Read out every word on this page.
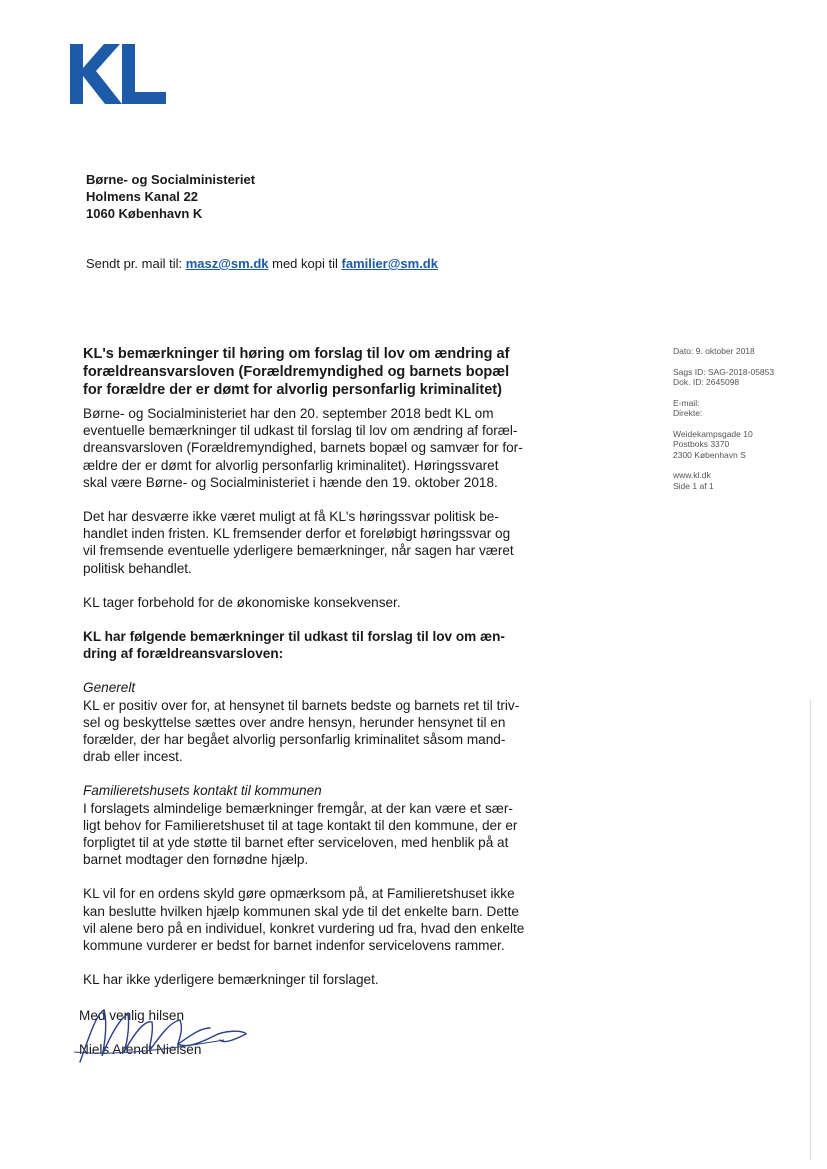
Børne- og Socialministeriet
Holmens Kanal 22
1060 København K
Sendt pr. mail til: masz@sm.dk med kopi til familier@sm.dk
Dato: 9. oktober 2018
Sags ID: SAG-2018-05853
Dok. ID: 2645098
E-mail:
Direkte:
Weidekampsgade 10
Postboks 3370
2300 København S
www.kl.dk
Side 1 af 1
KL's bemærkninger til høring om forslag til lov om ændring af
forældreansvarsloven (Forældremyndighed og barnets bopæl
for forældre der er dømt for alvorlig personfarlig kriminalitet)

Børne- og Socialministeriet har den 20. september 2018 bedt KL om
eventuelle bemærkninger til udkast til forslag til lov om ændring af foræl-
dreansvarsloven (Forældremyndighed, barnets bopæl og samvær for for-
ældre der er dømt for alvorlig personfarlig kriminalitet). Høringssvaret
skal være Børne- og Socialministeriet i hænde den 19. oktober 2018.

Det har desværre ikke været muligt at få KL's høringssvar politisk be-
handlet inden fristen. KL fremsender derfor et foreløbigt høringssvar og
vil fremsende eventuelle yderligere bemærkninger, når sagen har været
politisk behandlet.

KL tager forbehold for de økonomiske konsekvenser.

KL har følgende bemærkninger til udkast til forslag til lov om æn-
dring af forældreansvarsloven:

Generelt
KL er positiv over for, at hensynet til barnets bedste og barnets ret til triv-
sel og beskyttelse sættes over andre hensyn, herunder hensynet til en
forælder, der har begået alvorlig personfarlig kriminalitet såsom mand-
drab eller incest.

Familieretshusets kontakt til kommunen
I forslagets almindelige bemærkninger fremgår, at der kan være et sær-
ligt behov for Familieretshuset til at tage kontakt til den kommune, der er
forpligtet til at yde støtte til barnet efter serviceloven, med henblik på at
barnet modtager den fornødne hjælp.

KL vil for en ordens skyld gøre opmærksom på, at Familieretshuset ikke
kan beslutte hvilken hjælp kommunen skal yde til det enkelte barn. Dette
vil alene bero på en individuel, konkret vurdering ud fra, hvad den enkelte
kommune vurderer er bedst for barnet indenfor servicelovens rammer.

KL har ikke yderligere bemærkninger til forslaget.

Med venlig hilsen
Niels Arendt Nielsen
